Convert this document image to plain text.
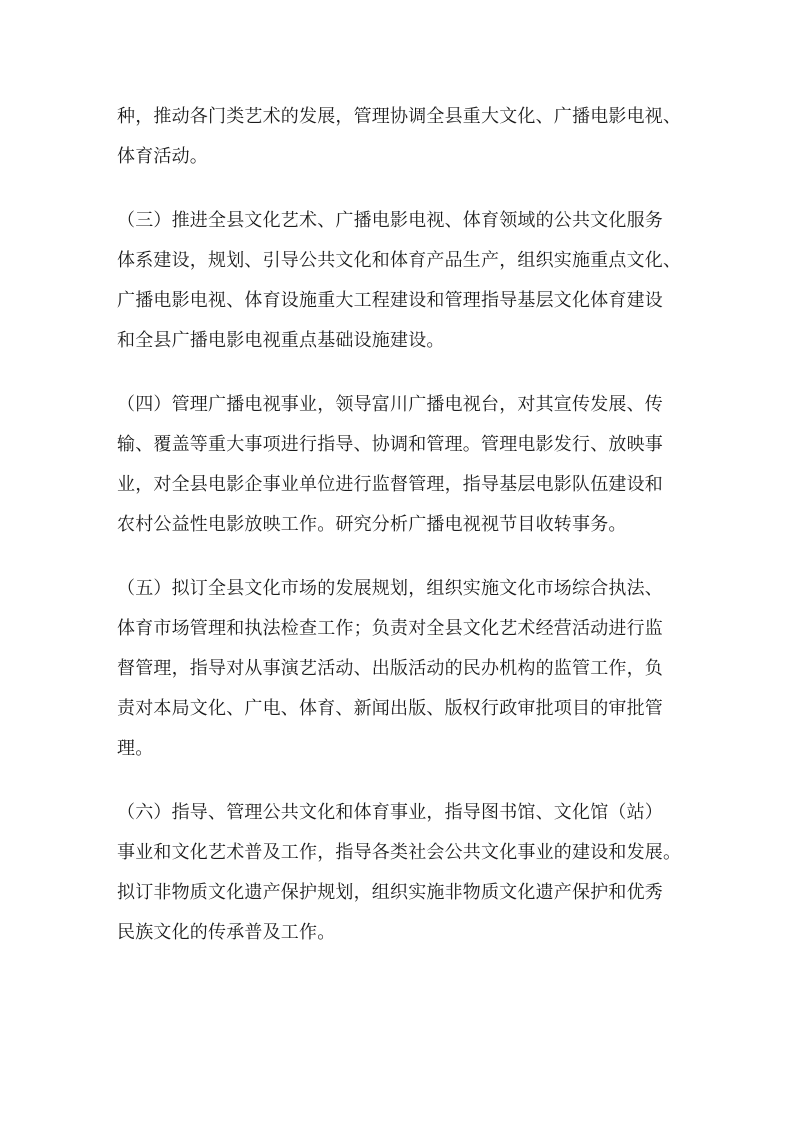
种，推动各门类艺术的发展，管理协调全县重大文化、广播电影电视、
体育活动。
（三）推进全县文化艺术、广播电影电视、体育领域的公共文化服务
体系建设，规划、引导公共文化和体育产品生产，组织实施重点文化、
广播电影电视、体育设施重大工程建设和管理指导基层文化体育建设
和全县广播电影电视重点基础设施建设。
（四）管理广播电视事业，领导富川广播电视台，对其宣传发展、传
输、覆盖等重大事项进行指导、协调和管理。管理电影发行、放映事
业，对全县电影企事业单位进行监督管理，指导基层电影队伍建设和
农村公益性电影放映工作。研究分析广播电视视节目收转事务。
（五）拟订全县文化市场的发展规划，组织实施文化市场综合执法、
体育市场管理和执法检查工作；负责对全县文化艺术经营活动进行监
督管理，指导对从事演艺活动、出版活动的民办机构的监管工作，负
责对本局文化、广电、体育、新闻出版、版权行政审批项目的审批管
理。
（六）指导、管理公共文化和体育事业，指导图书馆、文化馆（站）
事业和文化艺术普及工作，指导各类社会公共文化事业的建设和发展。
拟订非物质文化遗产保护规划，组织实施非物质文化遗产保护和优秀
民族文化的传承普及工作。
